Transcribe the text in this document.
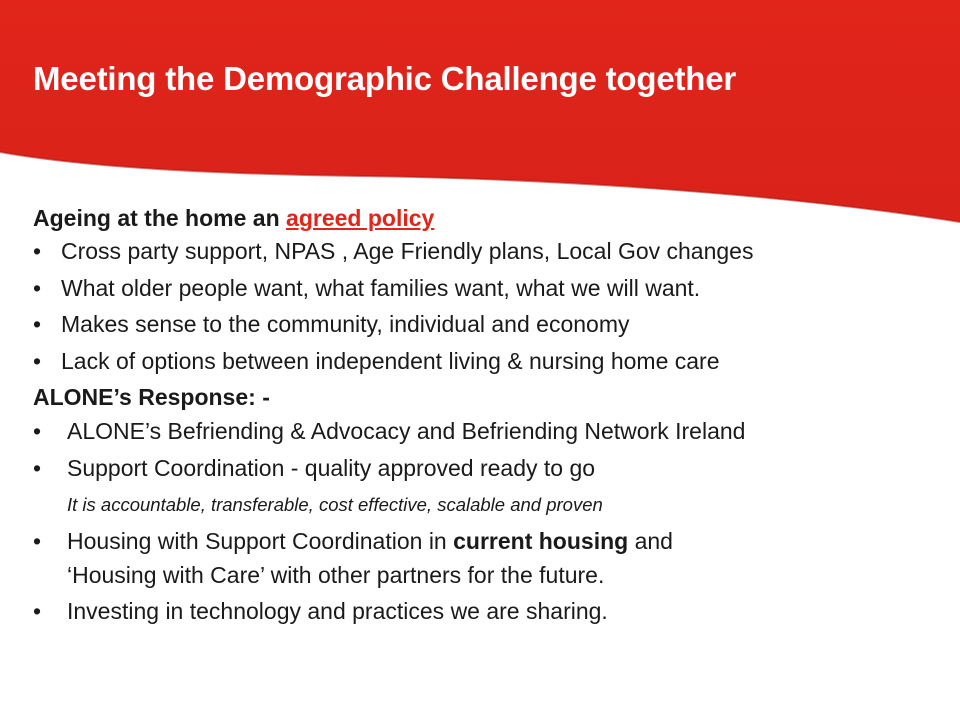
Meeting the Demographic Challenge together
Ageing at the home an agreed policy
• Cross party support, NPAS , Age Friendly plans, Local Gov changes
• What older people want, what families want, what we will want.
• Makes sense to the community, individual and economy
• Lack of options between independent living & nursing home care
ALONE’s Response: -
• ALONE’s Befriending & Advocacy and Befriending Network Ireland
• Support Coordination - quality approved ready to go
It is accountable, transferable, cost effective, scalable and proven
• Housing with Support Coordination in current housing and
‘Housing with Care’ with other partners for the future.
• Investing in technology and practices we are sharing.
